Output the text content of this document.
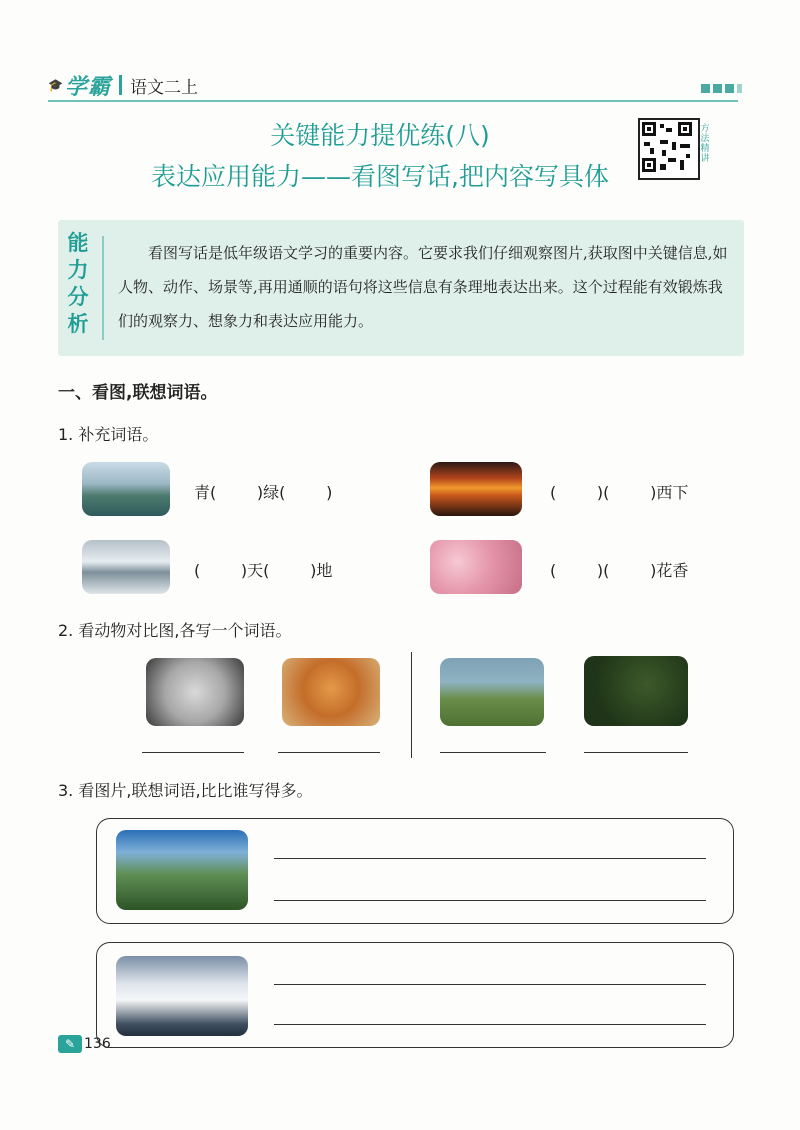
🎓 学霸 语文二上
关键能力提优练(八)
表达应用能力——看图写话,把内容写具体
方法精讲
能
力
分
析
看图写话是低年级语文学习的重要内容。它要求我们仔细观察图片,获取图中关键信息,如人物、动作、场景等,再用通顺的语句将这些信息有条理地表达出来。这个过程能有效锻炼我们的观察力、想象力和表达应用能力。
一、看图,联想词语。
1. 补充词语。
青(        )绿(        )	(        )(        )西下
(        )天(        )地	(        )(        )花香
2. 看动物对比图,各写一个词语。
3. 看图片,联想词语,比比谁写得多。
✎ 136
